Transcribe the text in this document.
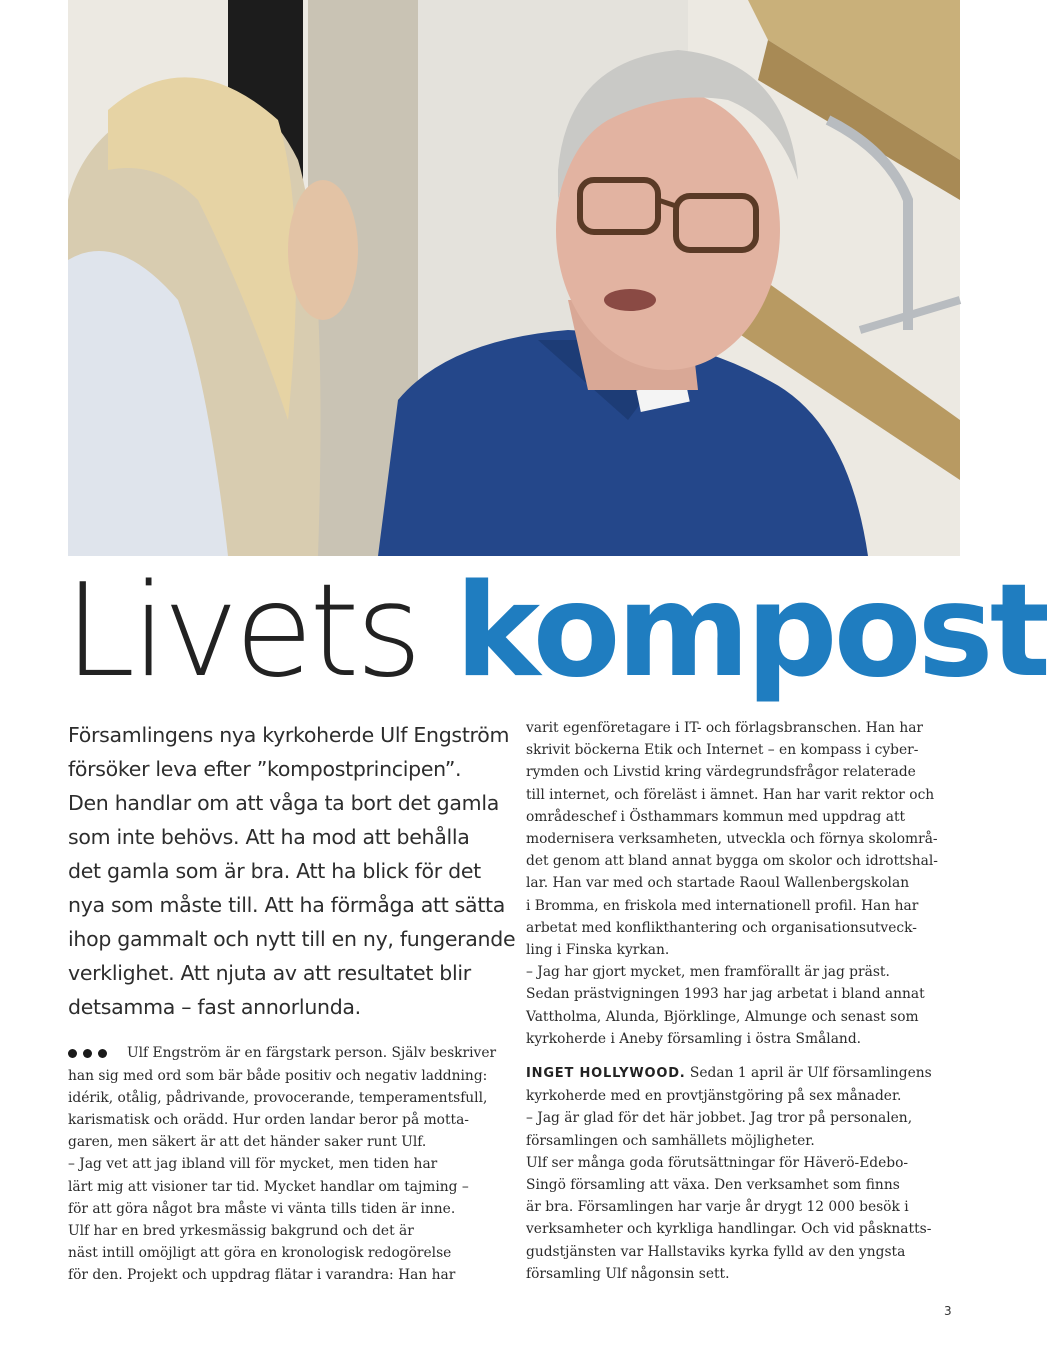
Livets kompost
Församlingens nya kyrkoherde Ulf Engström
försöker leva efter ”kompostprincipen”.
Den handlar om att våga ta bort det gamla
som inte behövs. Att ha mod att behålla
det gamla som är bra. Att ha blick för det
nya som måste till. Att ha förmåga att sätta
ihop gammalt och nytt till en ny, fungerande
verklighet. Att njuta av att resultatet blir
detsamma – fast annorlunda.
Ulf Engström är en färgstark person. Själv beskriver
han sig med ord som bär både positiv och negativ laddning:
idérik, otålig, pådrivande, provocerande, temperamentsfull,
karismatisk och orädd. Hur orden landar beror på motta-
garen, men säkert är att det händer saker runt Ulf.
– Jag vet att jag ibland vill för mycket, men tiden har
lärt mig att visioner tar tid. Mycket handlar om tajming –
för att göra något bra måste vi vänta tills tiden är inne.
Ulf har en bred yrkesmässig bakgrund och det är
näst intill omöjligt att göra en kronologisk redogörelse
för den. Projekt och uppdrag flätar i varandra: Han har
varit egenföretagare i IT- och förlagsbranschen. Han har
skrivit böckerna Etik och Internet – en kompass i cyber-
rymden och Livstid kring värdegrundsfrågor relaterade
till internet, och föreläst i ämnet. Han har varit rektor och
områdeschef i Östhammars kommun med uppdrag att
modernisera verksamheten, utveckla och förnya skolområ-
det genom att bland annat bygga om skolor och idrottshal-
lar. Han var med och startade Raoul Wallenbergskolan
i Bromma, en friskola med internationell profil. Han har
arbetat med konflikthantering och organisationsutveck-
ling i Finska kyrkan.
– Jag har gjort mycket, men framförallt är jag präst.
Sedan prästvigningen 1993 har jag arbetat i bland annat
Vattholma, Alunda, Björklinge, Almunge och senast som
kyrkoherde i Aneby församling i östra Småland.
INGET HOLLYWOOD. Sedan 1 april är Ulf församlingens
kyrkoherde med en provtjänstgöring på sex månader.
– Jag är glad för det här jobbet. Jag tror på personalen,
församlingen och samhällets möjligheter.
Ulf ser många goda förutsättningar för Häverö-Edebo-
Singö församling att växa. Den verksamhet som finns
är bra. Församlingen har varje år drygt 12 000 besök i
verksamheter och kyrkliga handlingar. Och vid påsknatts-
gudstjänsten var Hallstaviks kyrka fylld av den yngsta
församling Ulf någonsin sett.
3
